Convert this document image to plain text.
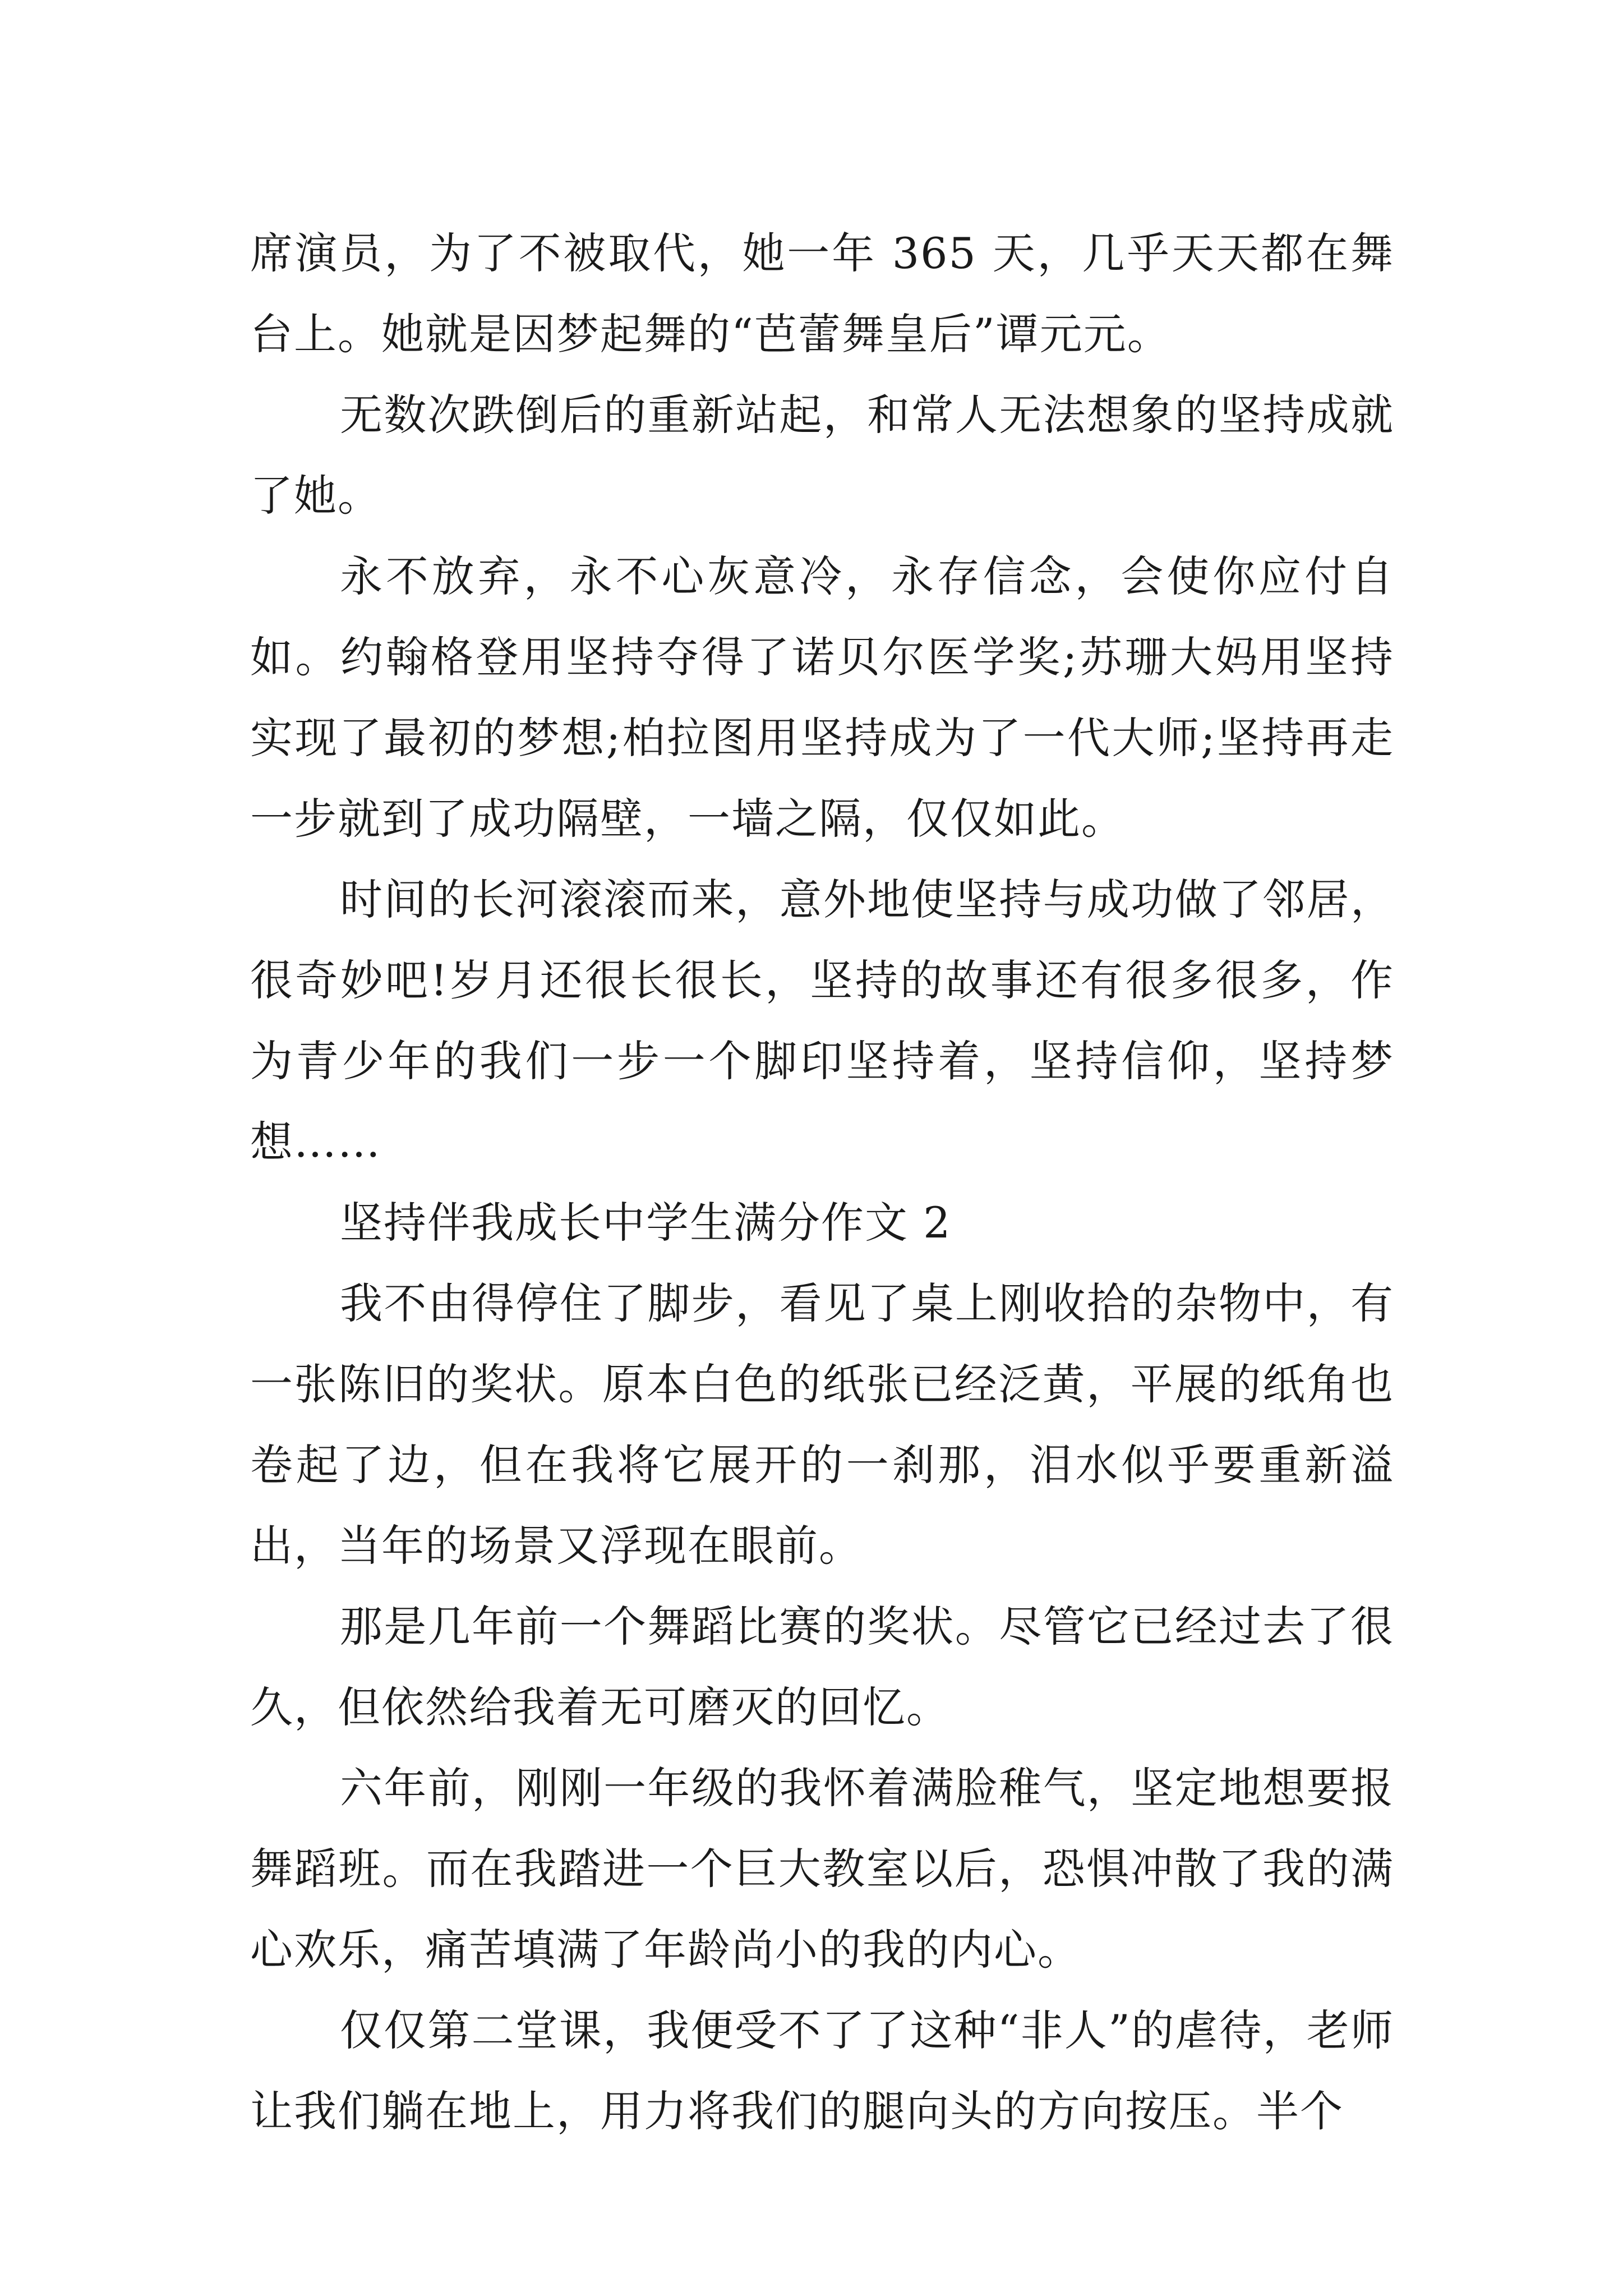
席演员，为了不被取代，她一年 365 天，几乎天天都在舞台上。她就是因梦起舞的“芭蕾舞皇后”谭元元。

无数次跌倒后的重新站起，和常人无法想象的坚持成就了她。

永不放弃，永不心灰意冷，永存信念，会使你应付自如。约翰格登用坚持夺得了诺贝尔医学奖;苏珊大妈用坚持实现了最初的梦想;柏拉图用坚持成为了一代大师;坚持再走一步就到了成功隔壁，一墙之隔，仅仅如此。

时间的长河滚滚而来，意外地使坚持与成功做了邻居，很奇妙吧!岁月还很长很长，坚持的故事还有很多很多，作为青少年的我们一步一个脚印坚持着，坚持信仰，坚持梦想……

坚持伴我成长中学生满分作文 2

我不由得停住了脚步，看见了桌上刚收拾的杂物中，有一张陈旧的奖状。原本白色的纸张已经泛黄，平展的纸角也卷起了边，但在我将它展开的一刹那，泪水似乎要重新溢出，当年的场景又浮现在眼前。

那是几年前一个舞蹈比赛的奖状。尽管它已经过去了很久，但依然给我着无可磨灭的回忆。

六年前，刚刚一年级的我怀着满脸稚气，坚定地想要报舞蹈班。而在我踏进一个巨大教室以后，恐惧冲散了我的满心欢乐，痛苦填满了年龄尚小的我的内心。

仅仅第二堂课，我便受不了了这种“非人”的虐待，老师让我们躺在地上，用力将我们的腿向头的方向按压。半个
